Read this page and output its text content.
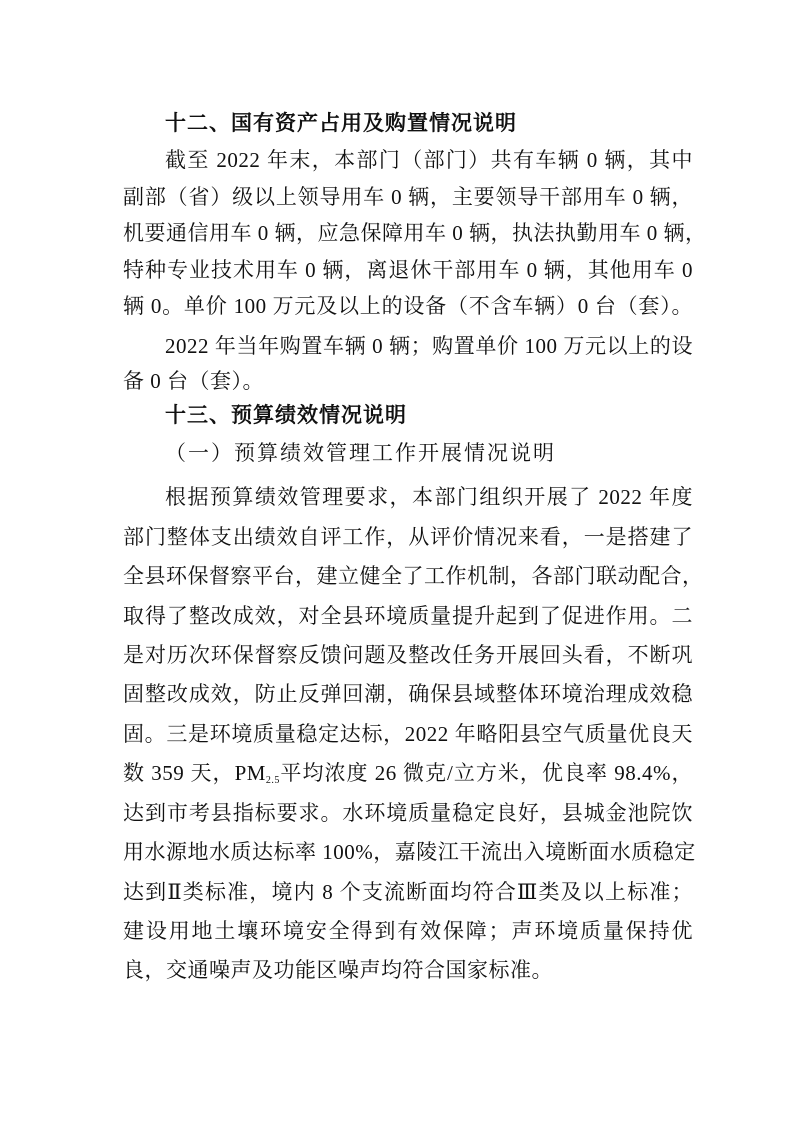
十二、国有资产占用及购置情况说明
截至 2022 年末，本部门（部门）共有车辆 0 辆，其中
副部（省）级以上领导用车 0 辆，主要领导干部用车 0 辆，
机要通信用车 0 辆，应急保障用车 0 辆，执法执勤用车 0 辆，
特种专业技术用车 0 辆，离退休干部用车 0 辆，其他用车 0
辆 0。单价 100 万元及以上的设备（不含车辆）0 台（套）。
2022 年当年购置车辆 0 辆；购置单价 100 万元以上的设
备 0 台（套）。
十三、预算绩效情况说明
（一）预算绩效管理工作开展情况说明
根据预算绩效管理要求，本部门组织开展了 2022 年度
部门整体支出绩效自评工作，从评价情况来看，一是搭建了
全县环保督察平台，建立健全了工作机制，各部门联动配合，
取得了整改成效，对全县环境质量提升起到了促进作用。二
是对历次环保督察反馈问题及整改任务开展回头看，不断巩
固整改成效，防止反弹回潮，确保县域整体环境治理成效稳
固。三是环境质量稳定达标，2022 年略阳县空气质量优良天
数 359 天，$PM_{2.5}$平均浓度 26 微克/立方米，优良率 98.4%，
达到市考县指标要求。水环境质量稳定良好，县城金池院饮
用水源地水质达标率 100%，嘉陵江干流出入境断面水质稳定
达到Ⅱ类标准，境内 8 个支流断面均符合Ⅲ类及以上标准；
建设用地土壤环境安全得到有效保障；声环境质量保持优
良，交通噪声及功能区噪声均符合国家标准。
